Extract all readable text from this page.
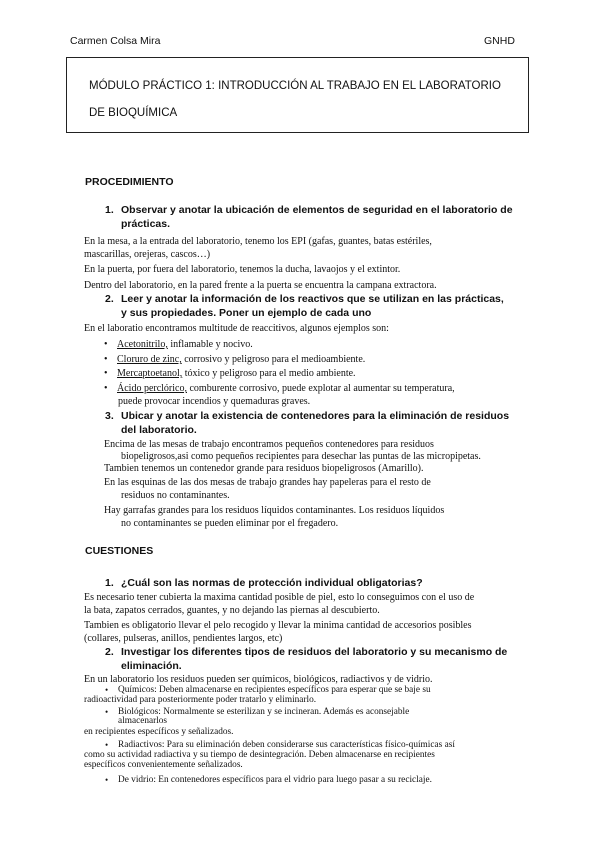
Carmen Colsa Mira	GNHD
MÓDULO PRÁCTICO 1: INTRODUCCIÓN AL TRABAJO EN EL LABORATORIO
DE BIOQUÍMICA
PROCEDIMIENTO
1. Observar y anotar la ubicación de elementos de seguridad en el laboratorio de
prácticas.
En la mesa, a la entrada del laboratorio, tenemo los EPI (gafas, guantes, batas estériles,
mascarillas, orejeras, cascos…)
En la puerta, por fuera del laboratorio, tenemos la ducha, lavaojos y el extintor.
Dentro del laboratorio, en la pared frente a la puerta se encuentra la campana extractora.
2. Leer y anotar la información de los reactivos que se utilizan en las prácticas,
y sus propiedades. Poner un ejemplo de cada uno
En el laboratio encontramos multitude de reaccitivos, algunos ejemplos son:
• Acetonitrilo, inflamable y nocivo.
• Cloruro de zinc, corrosivo y peligroso para el medioambiente.
• Mercaptoetanol, tóxico y peligroso para el medio ambiente.
• Ácido perclórico, comburente corrosivo, puede explotar al aumentar su temperatura,
puede provocar incendios y quemaduras graves.
3. Ubicar y anotar la existencia de contenedores para la eliminación de residuos
del laboratorio.
Encima de las mesas de trabajo encontramos pequeños contenedores para residuos
biopeligrosos,asi como pequeños recipientes para desechar las puntas de las micropipetas.
Tambien tenemos un contenedor grande para residuos biopeligrosos (Amarillo).
En las esquinas de las dos mesas de trabajo grandes hay papeleras para el resto de
residuos no contaminantes.
Hay garrafas grandes para los residuos líquidos contaminantes. Los residuos líquidos
no contaminantes se pueden eliminar por el fregadero.
CUESTIONES
1. ¿Cuál son las normas de protección individual obligatorias?
Es necesario tener cubierta la maxima cantidad posible de piel, esto lo conseguimos con el uso de
la bata, zapatos cerrados, guantes, y no dejando las piernas al descubierto.
Tambien es obligatorio llevar el pelo recogido y llevar la minima cantidad de accesorios posibles
(collares, pulseras, anillos, pendientes largos, etc)
2. Investigar los diferentes tipos de residuos del laboratorio y su mecanismo de
eliminación.
En un laboratorio los residuos pueden ser químicos, biológicos, radiactivos y de vidrio.
• Químicos: Deben almacenarse en recipientes específicos para esperar que se baje su
radioactividad para posteriormente poder tratarlo y eliminarlo.
• Biológicos: Normalmente se esterilizan y se incineran. Además es aconsejable
almacenarlos
en recipientes específicos y señalizados.
• Radiactivos: Para su eliminación deben considerarse sus características físico-químicas así
como su actividad radiactiva y su tiempo de desintegración. Deben almacenarse en recipientes
específicos convenientemente señalizados.
• De vidrio: En contenedores específicos para el vidrio para luego pasar a su reciclaje.
